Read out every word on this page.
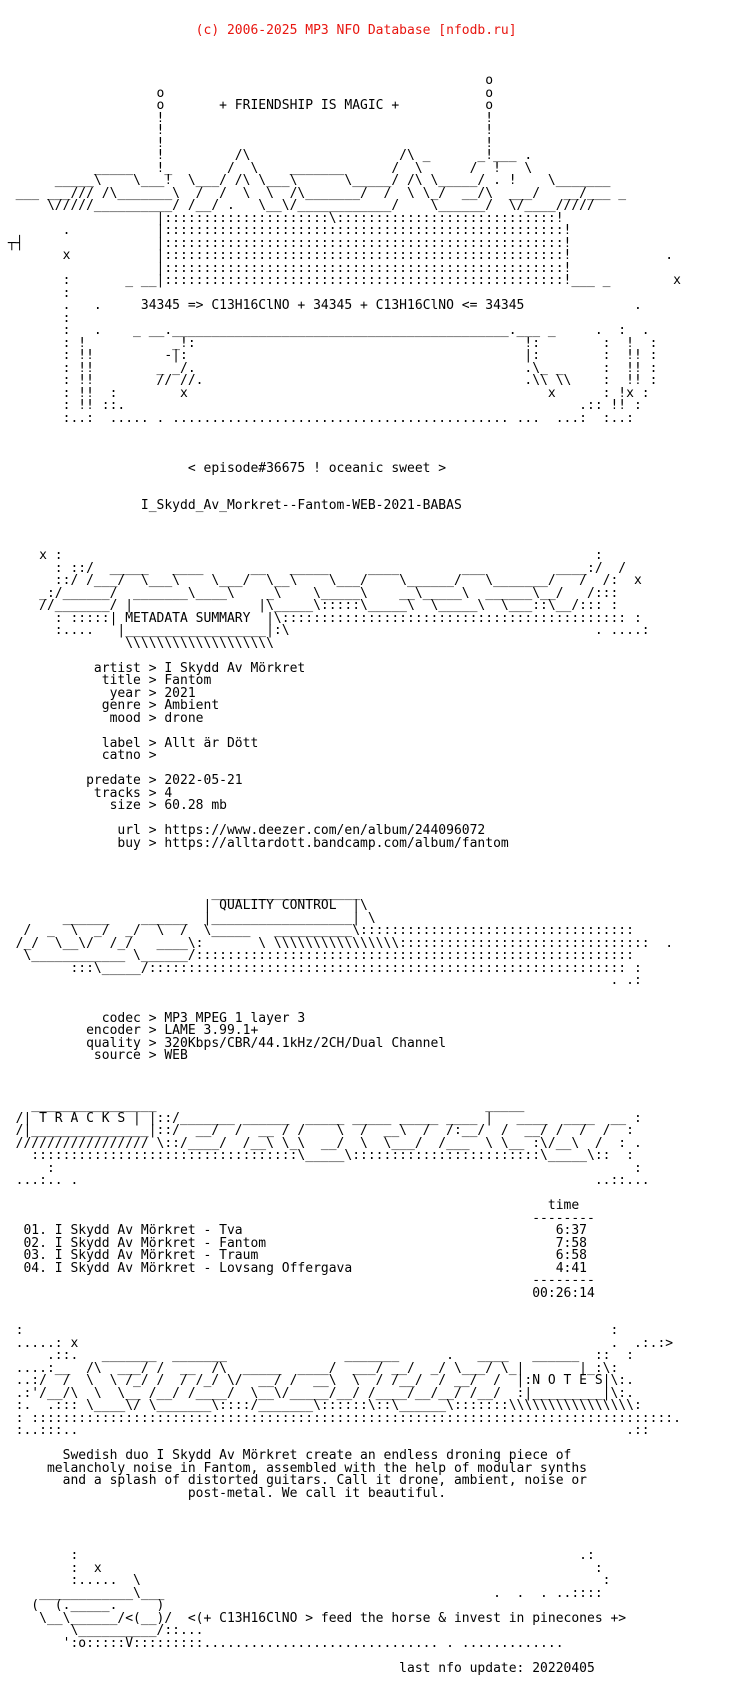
(c) 2006-2025 MP3 NFO Database [nfodb.ru]

o
o                                         o
o       + FRIENDSHIP IS MAGIC +           o
!                                         !
!                                         !
!                                         !
!         /\                   /\ _      _!___ .
_____   !_       /  \    _______      /  \      /  !   \
_____\    \___!  \___/ /\ \___\      \_____/ /\ \_____/ . !    \_______
___ ___/// /\_______\  /  /  \  \  /\_______/  /  \ \_/  __/\  ___/   __/___ _
\/////__________/ /__/ .   \__\/____________/    \______/  \/____/////
|:::::::::::::::::::::\::::::::::::::::::::::::::::!
.           |:::::::::::::::::::::::::::::::::::::::::::::::::::!
┬┤                 |:::::::::::::::::::::::::::::::::::::::::::::::::::!
x           |:::::::::::::::::::::::::::::::::::::::::::::::::::!            .
|:::::::::::::::::::::::::::::::::::::::::::::::::::!
:       _ __|:::::::::::::::::::::::::::::::::::::::::::::::::::!___ _        x
:
.   .     34345 => C13H16ClNO + 34345 + C13H16ClNO <= 34345              .
:
:   .    _ __.___________________________________________.___ _     .  :  .
: !           _!:                                          !:        :  !  :
: !!         -|:                                           |:        :  !! :
: !!        _ _/.                                          .\_ _     :  !! :
: !!        // //.                                         .\\ \\    :  !! :
: !!  :        x                                              x      : !x :
: !! ::.                                                          .:: !! :
:..:  ..... . ........................................... ...  ...:  :..:

< episode#36675 ! oceanic sweet >

I_Skydd_Av_Morkret--Fantom-WEB-2021-BABAS

x :                                                                    :
: ::/  _____   ____      __   _____     ____        ___         ____:/  /
::/ /___/  \___\    \___/  \__\    \___/    \______/   \_______/   /  /:  x
_:/______/  _______\____\    _\    \_____\    __\_____\  ______\__/   /:::
//_______/ |                |\_____\:::::\_____\  \_____\  \___::\__/::: :
: :::::| METADATA SUMMARY  |\:::::::::::::::::::::::::::::::::::::::::::: :
:....   |__________________|:\                                       . ....:
\\\\\\\\\\\\\\\\\\\

artist > I Skydd Av Mörkret
title > Fantom
year > 2021
genre > Ambient
mood > drone

label > Allt är Dött
catno >

predate > 2022-05-21
tracks > 4
size > 60.28 mb

url > https://www.deezer.com/en/album/244096072
buy > https://alltardott.bandcamp.com/album/fantom

___________________
| QUALITY CONTROL  |\
______    ______  |__________________| \
/  _  \  _/  _/  \  /  \_____   __________\:::::::::::::::::::::::::::::::::::
/_/  \__\/  /_/   ____\:       \ \\\\\\\\\\\\\\\\::::::::::::::::::::::::::::::::  .
\____________ \______/::::::::::::::::::::::::::::::::::::::::::::::::::::::::
:::\_____/::::::::::::::::::::::::::::::::::::::::::::::::::::::::::::: :
. .:

codec > MP3 MPEG 1 layer 3
encoder > LAME 3.99.1+
quality > 320Kbps/CBR/44.1kHz/2CH/Dual Channel
source > WEB

________________                                          _____
/| T R A C K S | |::/_______ ______  _____ _____ _____ ____ |   ____  ____  __ :
/|_______________|::/  __/  /  __ / /    \  /  __\  /  /:__/  /  __/ /  /  /  :
///////////////// \::/____/  /__\ \_\  __/  \  \___/  /___  \ \__ :\/__\  /  : .
::::::::::::::::::::::::::::::::::\_____\::::::::::::::::::::::::\_____\::  :
:                                                                          :
...:.. .                                                                  ..::...

time
--------
01. I Skydd Av Mörkret - Tva                                        6:37
02. I Skydd Av Mörkret - Fantom                                     7:58
03. I Skydd Av Mörkret - Traum                                      6:58
04. I Skydd Av Mörkret - Lovsang Offergava                          4:41
--------
00:26:14

:                                                                           :
.....: x                                                                    .  .:.:>
.::.   _______  _______               _______      .   ____   ______  ::  :
....:__  /\  ___/ /  __  /\  _____  ____/  ___/ __/  _/ \___/ \_|       |_:\:
..:/  /  \  \ /_/ /  / /_/ \/  __/ /  __\  \  / /__/  / __/  /  |:N O T E S|\:.
.:'/__/\  \  \__ /__/ /____/  \__\/_____/__/ /____/__/__/ /__/  :|_________|\:.
:.  .::: \____\/ \_______\::::/_______\::::::\::\______\:::::::\\\\\\\\\\\\\\\\:
: ::::::::::::::::::::::::::::::::::::::::::::::::::::::::::::::::::::::::::::::::::.
:..:::..                                                                      .::

Swedish duo I Skydd Av Mörkret create an endless droning piece of
melancholy noise in Fantom, assembled with the help of modular synths
and a splash of distorted guitars. Call it drone, ambient, noise or
post-metal. We call it beautiful.

:                                                                .:
:  x                                                               :
:.....  \                                                           :
____________\___                                          .  .  . ..::::
(  (._____.     )
\__\______/<(__)/  <(+ C13H16ClNO > feed the horse & invest in pinecones +>
\__________/::...
':o:::::V:::::::::.............................. . .............

last nfo update: 20220405
